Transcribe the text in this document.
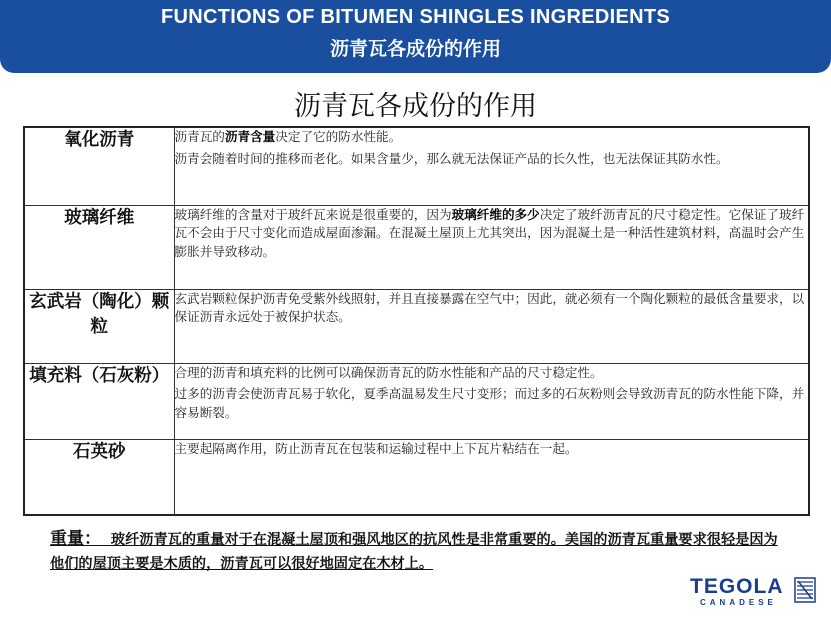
FUNCTIONS OF BITUMEN SHINGLES INGREDIENTS
沥青瓦各成份的作用
沥青瓦各成份的作用
氧化沥青	沥青瓦的沥青含量决定了它的防水性能。

沥青会随着时间的推移而老化。如果含量少，那么就无法保证产品的长久性，也无法保证其防水性。

玻璃纤维	玻璃纤维的含量对于玻纤瓦来说是很重要的，因为玻璃纤维的多少决定了玻纤沥青瓦的尺寸稳定性。它保证了玻纤瓦不会由于尺寸变化而造成屋面渗漏。在混凝土屋顶上尤其突出，因为混凝土是一种活性建筑材料，高温时会产生膨胀并导致移动。

玄武岩（陶化）颗粒	玄武岩颗粒保护沥青免受紫外线照射，并且直接暴露在空气中；因此，就必须有一个陶化颗粒的最低含量要求，以保证沥青永远处于被保护状态。

填充料（石灰粉）	合理的沥青和填充料的比例可以确保沥青瓦的防水性能和产品的尺寸稳定性。

过多的沥青会使沥青瓦易于软化，夏季高温易发生尺寸变形；而过多的石灰粉则会导致沥青瓦的防水性能下降，并容易断裂。

石英砂	主要起隔离作用，防止沥青瓦在包装和运输过程中上下瓦片粘结在一起。

重量： 玻纤沥青瓦的重量对于在混凝土屋顶和强风地区的抗风性是非常重要的。美国的沥青瓦重量要求很轻是因为他们的屋顶主要是木质的，沥青瓦可以很好地固定在木材上。
TEGOLA
CANADESE
